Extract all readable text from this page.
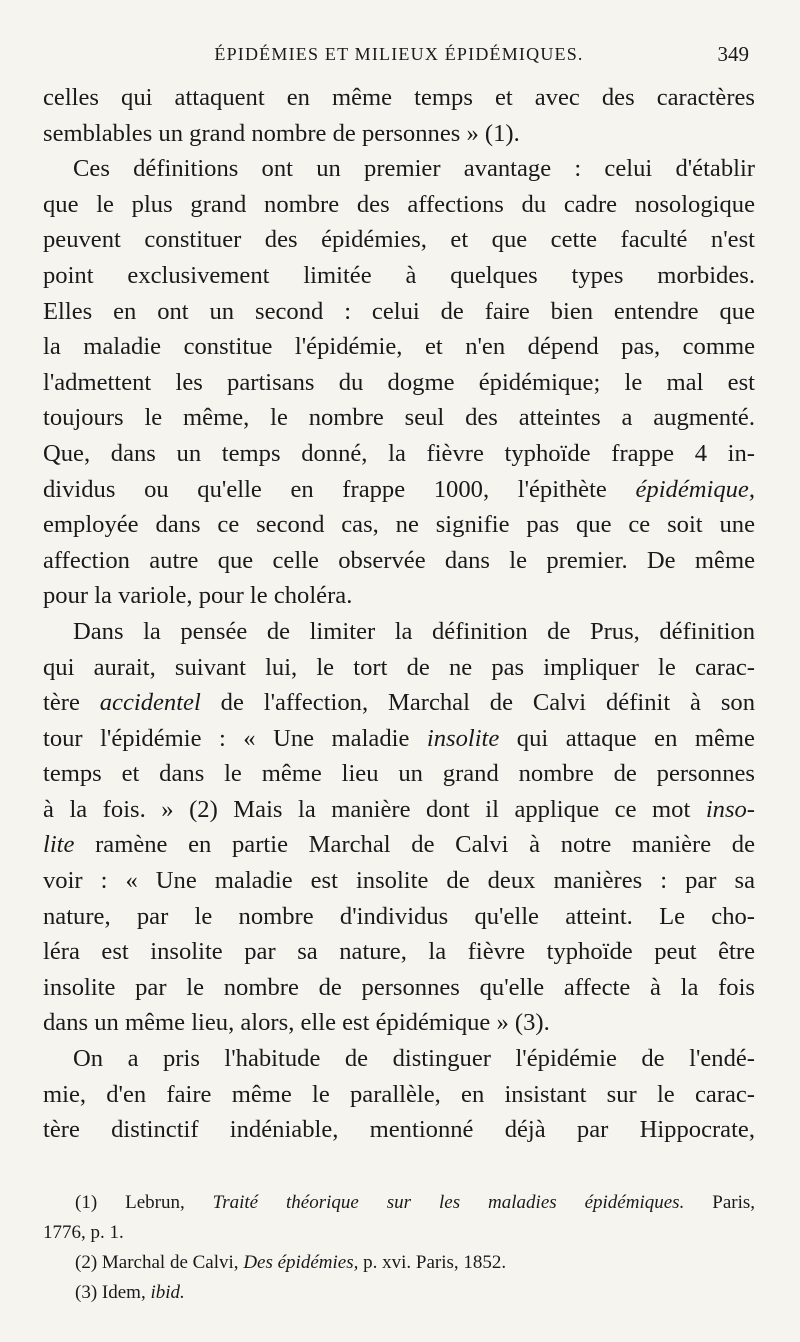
ÉPIDÉMIES ET MILIEUX ÉPIDÉMIQUES.	349
celles qui attaquent en même temps et avec des caractères
semblables un grand nombre de personnes » (1).
Ces définitions ont un premier avantage : celui d'établir
que le plus grand nombre des affections du cadre nosologique
peuvent constituer des épidémies, et que cette faculté n'est
point exclusivement limitée à quelques types morbides.
Elles en ont un second : celui de faire bien entendre que
la maladie constitue l'épidémie, et n'en dépend pas, comme
l'admettent les partisans du dogme épidémique; le mal est
toujours le même, le nombre seul des atteintes a augmenté.
Que, dans un temps donné, la fièvre typhoïde frappe 4 in-
dividus ou qu'elle en frappe 1000, l'épithète épidémique,
employée dans ce second cas, ne signifie pas que ce soit une
affection autre que celle observée dans le premier. De même
pour la variole, pour le choléra.
Dans la pensée de limiter la définition de Prus, définition
qui aurait, suivant lui, le tort de ne pas impliquer le carac-
tère accidentel de l'affection, Marchal de Calvi définit à son
tour l'épidémie : « Une maladie insolite qui attaque en même
temps et dans le même lieu un grand nombre de personnes
à la fois. » (2) Mais la manière dont il applique ce mot inso-
lite ramène en partie Marchal de Calvi à notre manière de
voir : « Une maladie est insolite de deux manières : par sa
nature, par le nombre d'individus qu'elle atteint. Le cho-
léra est insolite par sa nature, la fièvre typhoïde peut être
insolite par le nombre de personnes qu'elle affecte à la fois
dans un même lieu, alors, elle est épidémique » (3).
On a pris l'habitude de distinguer l'épidémie de l'endé-
mie, d'en faire même le parallèle, en insistant sur le carac-
tère distinctif indéniable, mentionné déjà par Hippocrate,
(1) Lebrun, Traité théorique sur les maladies épidémiques. Paris,
1776, p. 1.
(2) Marchal de Calvi, Des épidémies, p. xvi. Paris, 1852.
(3) Idem, ibid.
